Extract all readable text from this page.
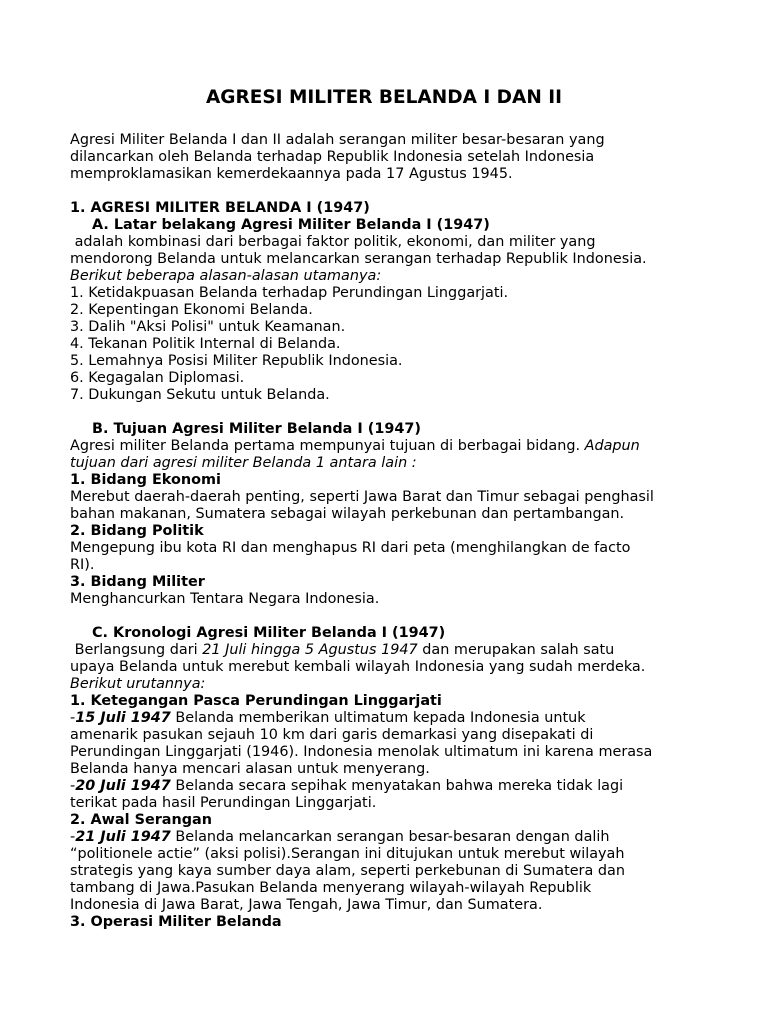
AGRESI MILITER BELANDA I DAN II

Agresi Militer Belanda I dan II adalah serangan militer besar-besaran yang

dilancarkan oleh Belanda terhadap Republik Indonesia setelah Indonesia

memproklamasikan kemerdekaannya pada 17 Agustus 1945.

1. AGRESI MILITER BELANDA I (1947)

A. Latar belakang Agresi Militer Belanda I (1947)

adalah kombinasi dari berbagai faktor politik, ekonomi, dan militer yang

mendorong Belanda untuk melancarkan serangan terhadap Republik Indonesia.

Berikut beberapa alasan-alasan utamanya:

1. Ketidakpuasan Belanda terhadap Perundingan Linggarjati.

2. Kepentingan Ekonomi Belanda.

3. Dalih "Aksi Polisi" untuk Keamanan.

4. Tekanan Politik Internal di Belanda.

5. Lemahnya Posisi Militer Republik Indonesia.

6. Kegagalan Diplomasi.

7. Dukungan Sekutu untuk Belanda.

B. Tujuan Agresi Militer Belanda I (1947)

Agresi militer Belanda pertama mempunyai tujuan di berbagai bidang. Adapun

tujuan dari agresi militer Belanda 1 antara lain :

1. Bidang Ekonomi

Merebut daerah-daerah penting, seperti Jawa Barat dan Timur sebagai penghasil

bahan makanan, Sumatera sebagai wilayah perkebunan dan pertambangan.

2. Bidang Politik

Mengepung ibu kota RI dan menghapus RI dari peta (menghilangkan de facto

RI).

3. Bidang Militer

Menghancurkan Tentara Negara Indonesia.

C. Kronologi Agresi Militer Belanda I (1947)

Berlangsung dari 21 Juli hingga 5 Agustus 1947 dan merupakan salah satu

upaya Belanda untuk merebut kembali wilayah Indonesia yang sudah merdeka.

Berikut urutannya:

1. Ketegangan Pasca Perundingan Linggarjati

-15 Juli 1947 Belanda memberikan ultimatum kepada Indonesia untuk

amenarik pasukan sejauh 10 km dari garis demarkasi yang disepakati di

Perundingan Linggarjati (1946). Indonesia menolak ultimatum ini karena merasa

Belanda hanya mencari alasan untuk menyerang.

-20 Juli 1947 Belanda secara sepihak menyatakan bahwa mereka tidak lagi

terikat pada hasil Perundingan Linggarjati.

2. Awal Serangan

-21 Juli 1947 Belanda melancarkan serangan besar-besaran dengan dalih

“politionele actie” (aksi polisi).Serangan ini ditujukan untuk merebut wilayah

strategis yang kaya sumber daya alam, seperti perkebunan di Sumatera dan

tambang di Jawa.Pasukan Belanda menyerang wilayah-wilayah Republik

Indonesia di Jawa Barat, Jawa Tengah, Jawa Timur, dan Sumatera.

3. Operasi Militer Belanda
